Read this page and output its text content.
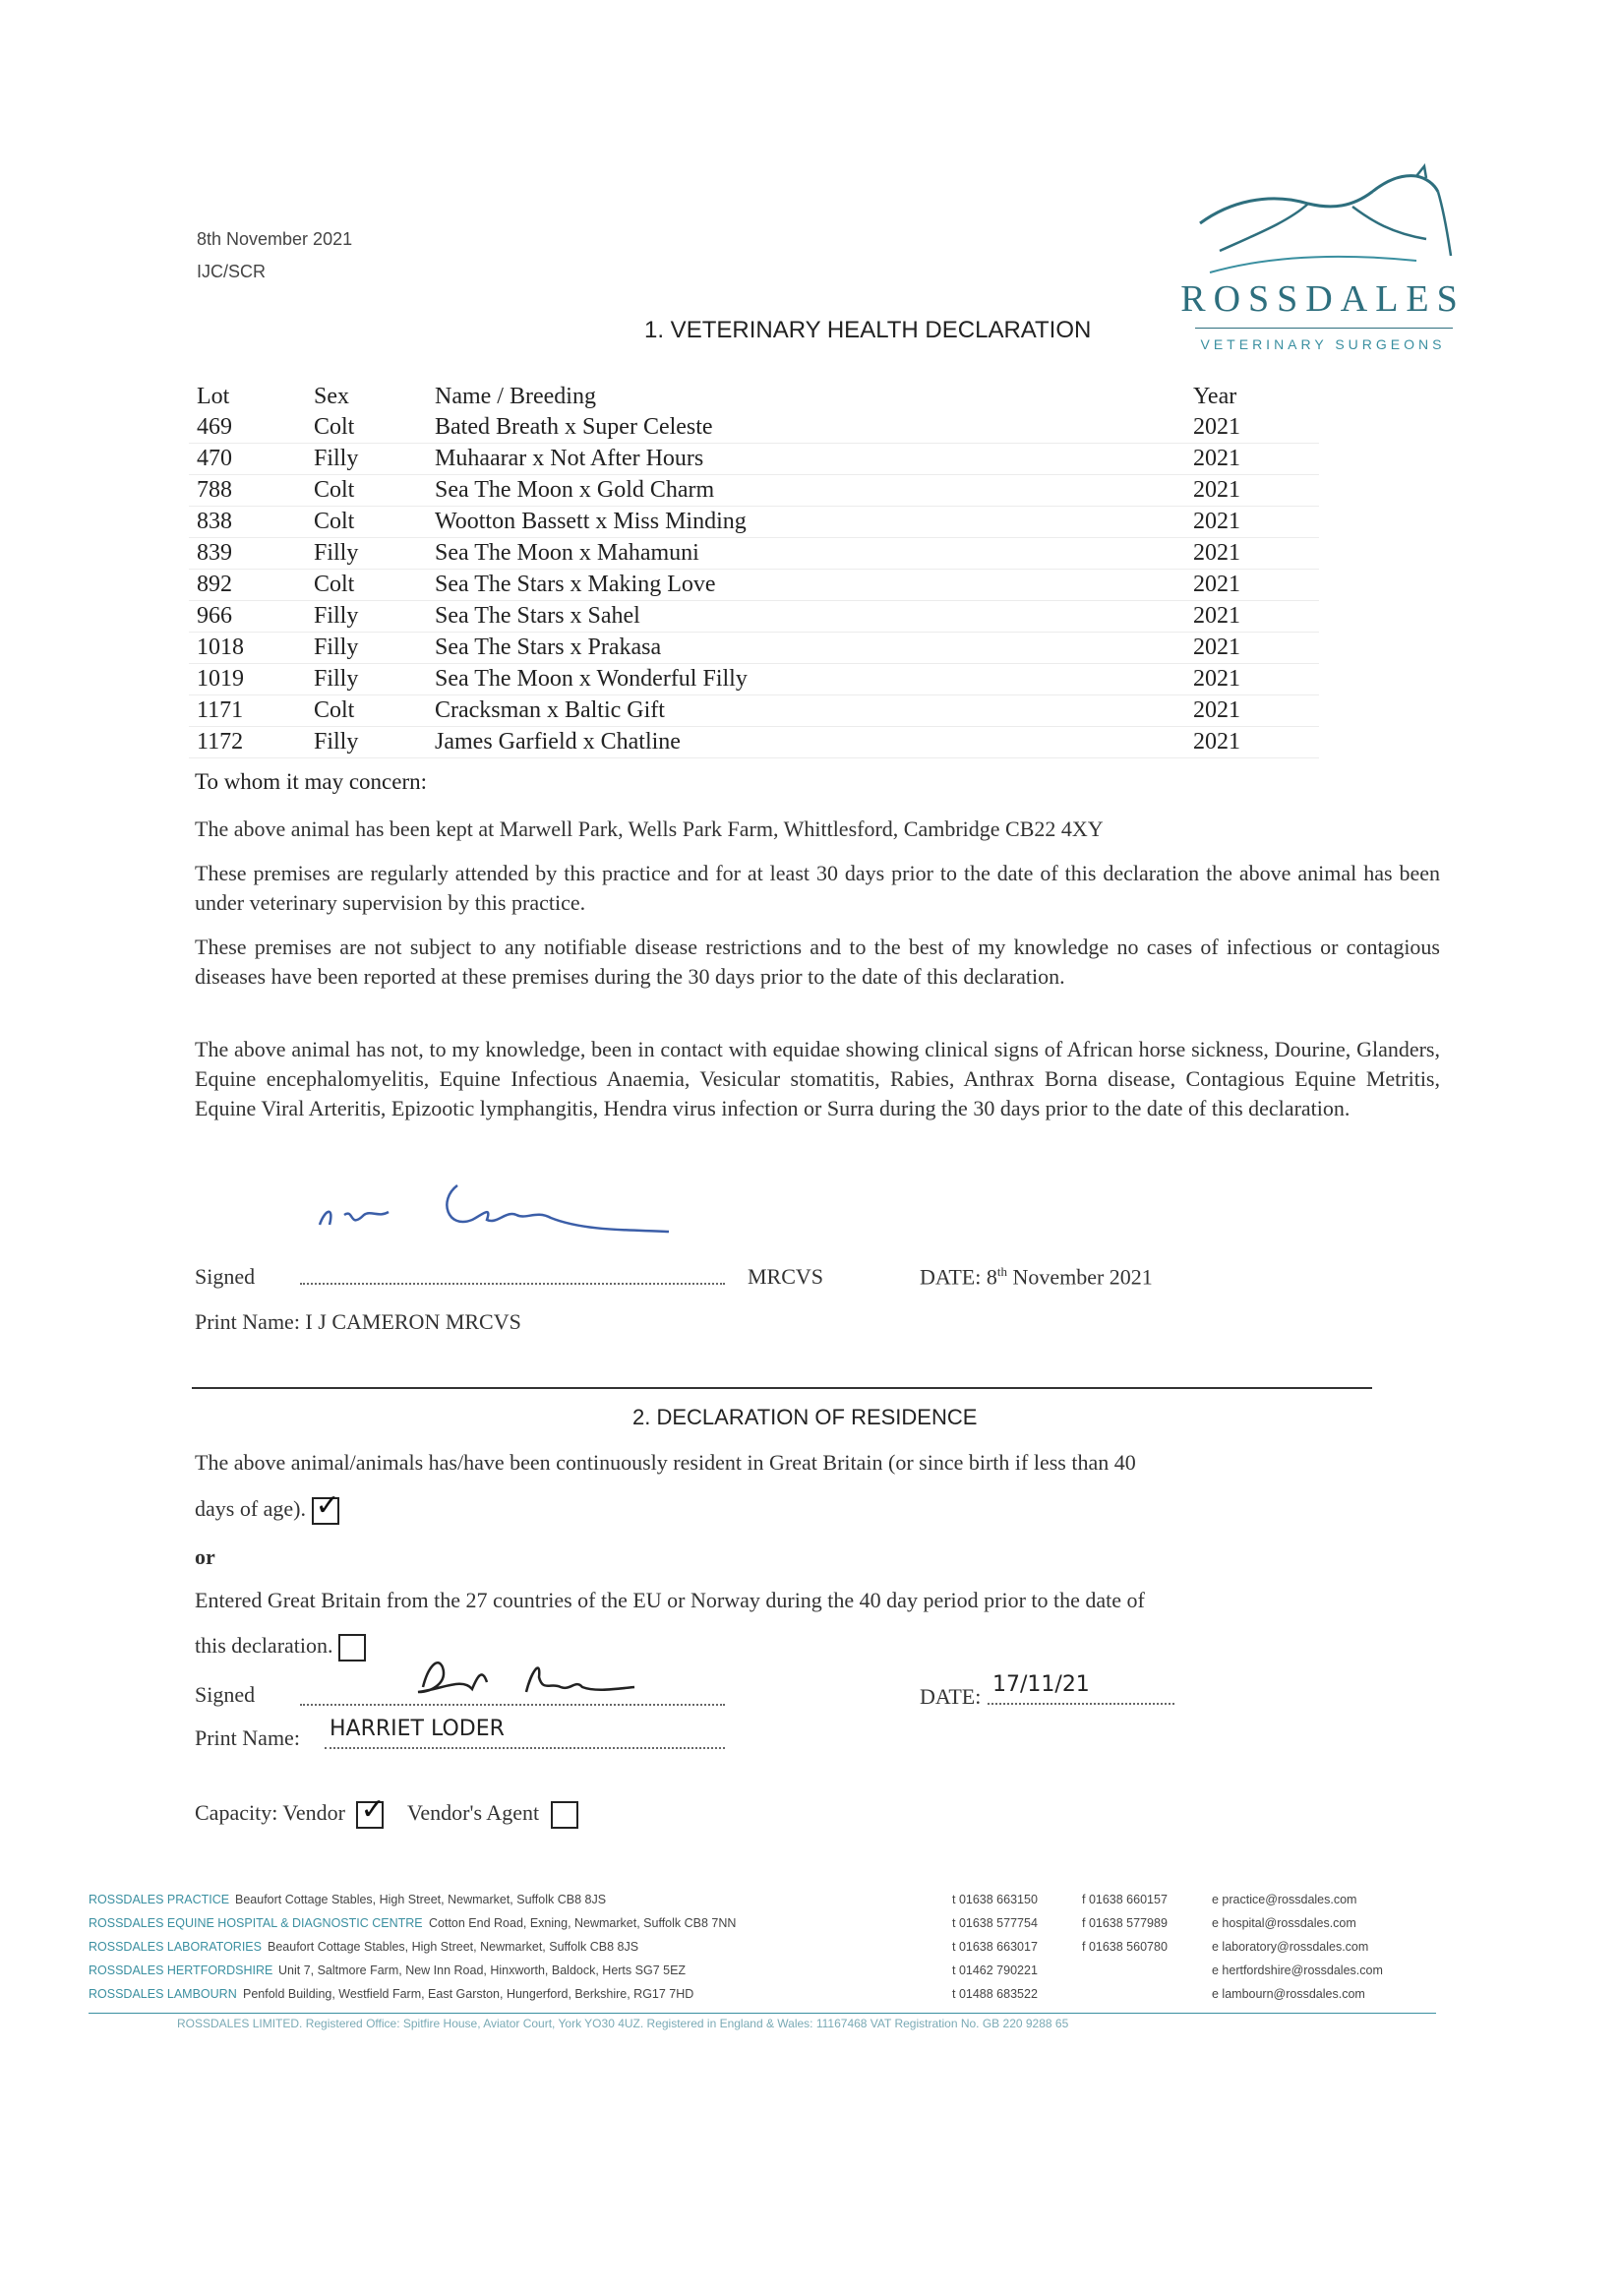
8th November 2021
IJC/SCR
ROSSDALES
VETERINARY SURGEONS
1. VETERINARY HEALTH DECLARATION
Lot	Sex	Name / Breeding	Year
469	Colt	Bated Breath x Super Celeste	2021
470	Filly	Muhaarar x Not After Hours	2021
788	Colt	Sea The Moon x Gold Charm	2021
838	Colt	Wootton Bassett x Miss Minding	2021
839	Filly	Sea The Moon x Mahamuni	2021
892	Colt	Sea The Stars x Making Love	2021
966	Filly	Sea The Stars x Sahel	2021
1018	Filly	Sea The Stars x Prakasa	2021
1019	Filly	Sea The Moon x Wonderful Filly	2021
1171	Colt	Cracksman x Baltic Gift	2021
1172	Filly	James Garfield x Chatline	2021
To whom it may concern:
The above animal has been kept at Marwell Park, Wells Park Farm, Whittlesford, Cambridge CB22 4XY
These premises are regularly attended by this practice and for at least 30 days prior to the date of this declaration the above animal has been under veterinary supervision by this practice.
These premises are not subject to any notifiable disease restrictions and to the best of my knowledge no cases of infectious or contagious diseases have been reported at these premises during the 30 days prior to the date of this declaration.
The above animal has not, to my knowledge, been in contact with equidae showing clinical signs of African horse sickness, Dourine, Glanders, Equine encephalomyelitis, Equine Infectious Anaemia, Vesicular stomatitis, Rabies, Anthrax Borna disease, Contagious Equine Metritis, Equine Viral Arteritis, Epizootic lymphangitis, Hendra virus infection or Surra during the 30 days prior to the date of this declaration.
Signed	MRCVS	DATE: 8th November 2021
Print Name: I J CAMERON MRCVS
2. DECLARATION OF RESIDENCE
The above animal/animals has/have been continuously resident in Great Britain (or since birth if less than 40
days of age). ✓
or
Entered Great Britain from the 27 countries of the EU or Norway during the 40 day period prior to the date of
this declaration.
Signed	DATE: 17/11/21
Print Name: HARRIET LODER
Capacity: Vendor ✓ Vendor's Agent
ROSSDALES PRACTICE Beaufort Cottage Stables, High Street, Newmarket, Suffolk CB8 8JS	t 01638 663150	f 01638 660157	e practice@rossdales.com
ROSSDALES EQUINE HOSPITAL & DIAGNOSTIC CENTRE Cotton End Road, Exning, Newmarket, Suffolk CB8 7NN	t 01638 577754	f 01638 577989	e hospital@rossdales.com
ROSSDALES LABORATORIES Beaufort Cottage Stables, High Street, Newmarket, Suffolk CB8 8JS	t 01638 663017	f 01638 560780	e laboratory@rossdales.com
ROSSDALES HERTFORDSHIRE Unit 7, Saltmore Farm, New Inn Road, Hinxworth, Baldock, Herts SG7 5EZ	t 01462 790221	e hertfordshire@rossdales.com
ROSSDALES LAMBOURN Penfold Building, Westfield Farm, East Garston, Hungerford, Berkshire, RG17 7HD	t 01488 683522	e lambourn@rossdales.com
ROSSDALES LIMITED. Registered Office: Spitfire House, Aviator Court, York YO30 4UZ. Registered in England & Wales: 11167468 VAT Registration No. GB 220 9288 65
